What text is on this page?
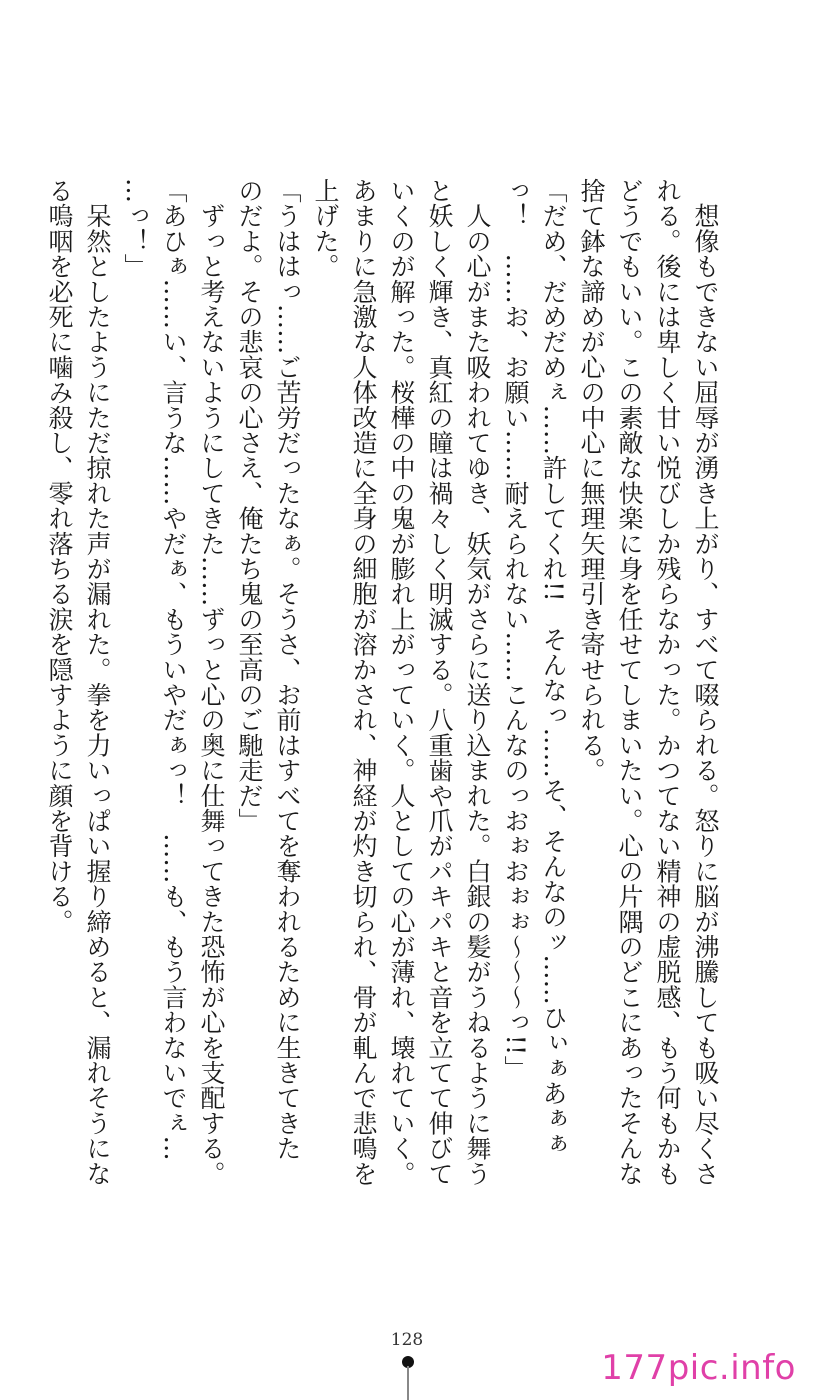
　想像もできない屈辱が湧き上がり、すべて啜られる。怒りに脳が沸騰しても吸い尽くさ
れる。後には卑しく甘い悦びしか残らなかった。かつてない精神の虚脱感、もう何もかも
どうでもいい。この素敵な快楽に身を任せてしまいたい。心の片隅のどこにあったそんな
捨て鉢な諦めが心の中心に無理矢理引き寄せられる。
「だめ、だめだめぇ……許してくれ!!　そんなっ……そ、そんなのッ……ひぃぁあぁぁ
っ！　……お、お願い……耐えられない……こんなのっおぉおぉぉ〜〜〜っ!!」
　人の心がまた吸われてゆき、妖気がさらに送り込まれた。白銀の髪がうねるように舞う
と妖しく輝き、真紅の瞳は禍々しく明滅する。八重歯や爪がパキパキと音を立てて伸びて
いくのが解った。桜樺の中の鬼が膨れ上がっていく。人としての心が薄れ、壊れていく。
あまりに急激な人体改造に全身の細胞が溶かされ、神経が灼き切られ、骨が軋んで悲鳴を
上げた。
「うははっ……ご苦労だったなぁ。そうさ、お前はすべてを奪われるために生きてきた
のだよ。その悲哀の心さえ、俺たち鬼の至高のご馳走だ」
　ずっと考えないようにしてきた……ずっと心の奥に仕舞ってきた恐怖が心を支配する。
「あひぁ……い、言うな……やだぁ、もういやだぁっ！　……も、もう言わないでぇ…
…っ！」
　呆然としたようにただ掠れた声が漏れた。拳を力いっぱい握り締めると、漏れそうにな
る嗚咽を必死に噛み殺し、零れ落ちる涙を隠すように顔を背ける。
128
177pic.info
